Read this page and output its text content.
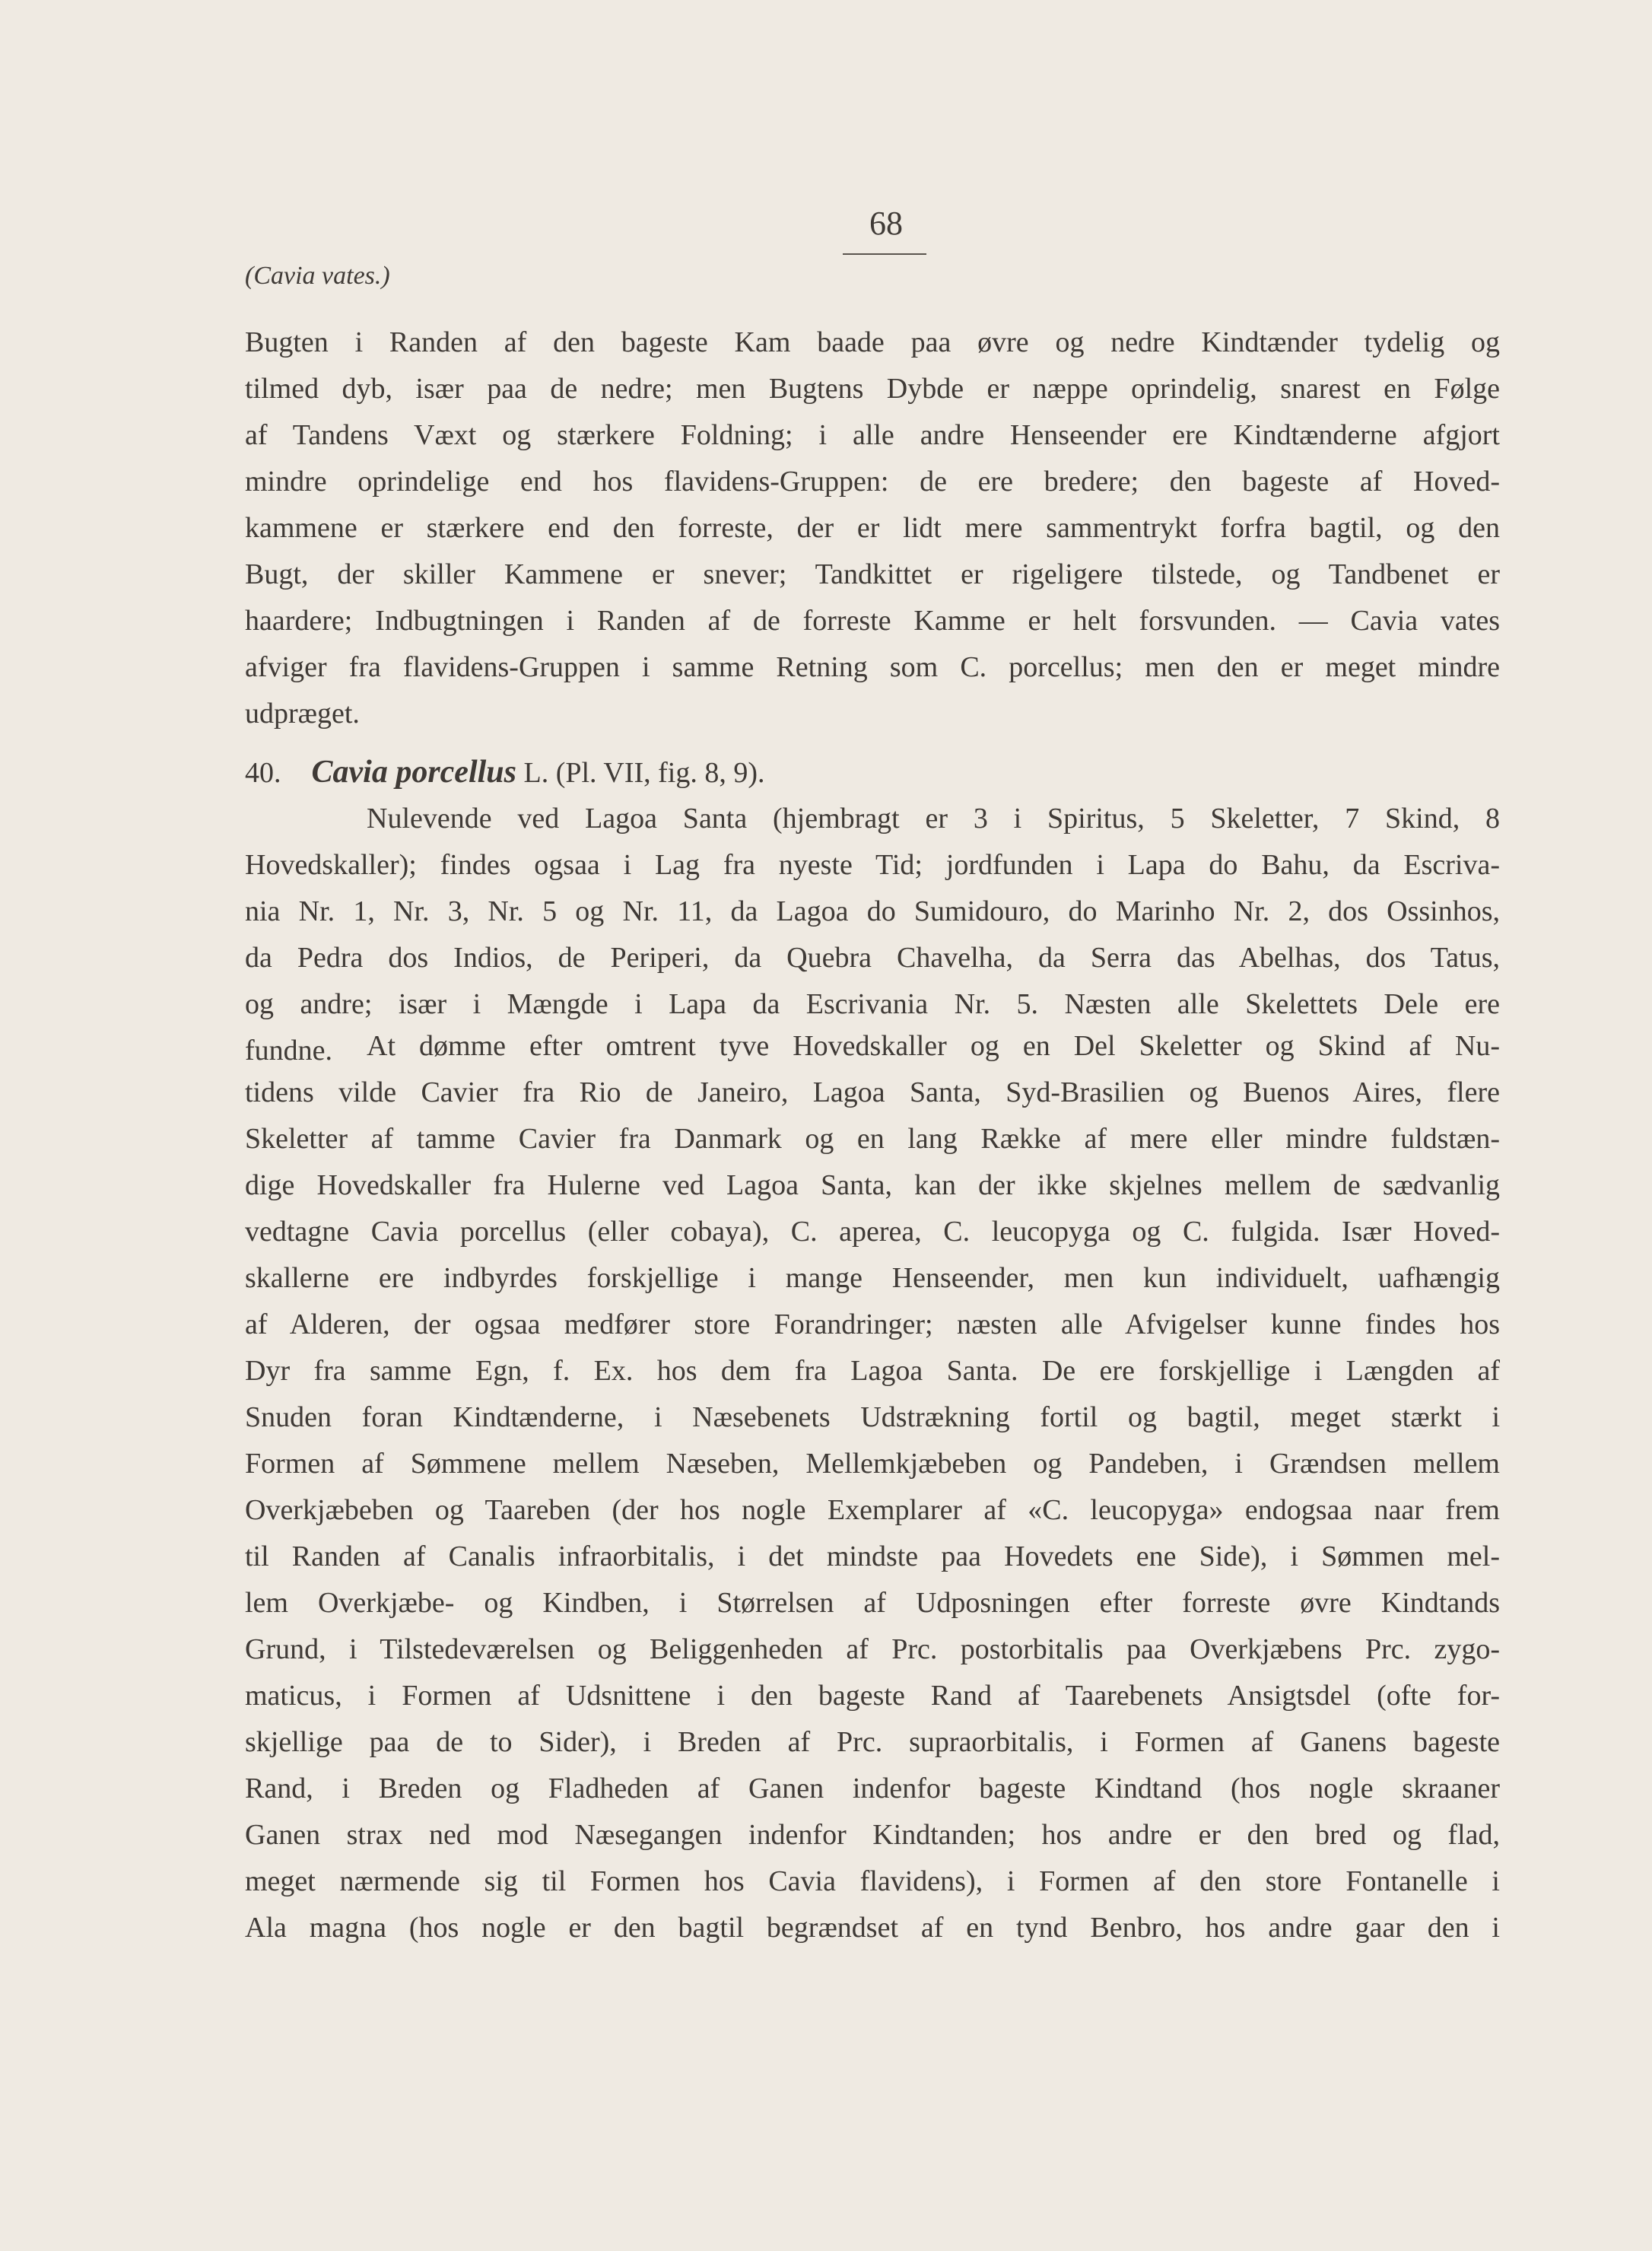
68
(Cavia vates.)
Bugten i Randen af den bageste Kam baade paa øvre og nedre Kindtænder tydelig og
tilmed dyb, især paa de nedre; men Bugtens Dybde er næppe oprindelig, snarest en Følge
af Tandens Væxt og stærkere Foldning; i alle andre Henseender ere Kindtænderne afgjort
mindre oprindelige end hos flavidens-Gruppen: de ere bredere; den bageste af Hoved-
kammene er stærkere end den forreste, der er lidt mere sammentrykt forfra bagtil, og den
Bugt, der skiller Kammene er snever; Tandkittet er rigeligere tilstede, og Tandbenet er
haardere; Indbugtningen i Randen af de forreste Kamme er helt forsvunden. — Cavia vates
afviger fra flavidens-Gruppen i samme Retning som C. porcellus; men den er meget mindre
udpræget.
40. Cavia porcellus L. (Pl. VII, fig. 8, 9).
Nulevende ved Lagoa Santa (hjembragt er 3 i Spiritus, 5 Skeletter, 7 Skind, 8
Hovedskaller); findes ogsaa i Lag fra nyeste Tid; jordfunden i Lapa do Bahu, da Escriva-
nia Nr. 1, Nr. 3, Nr. 5 og Nr. 11, da Lagoa do Sumidouro, do Marinho Nr. 2, dos Ossinhos,
da Pedra dos Indios, de Periperi, da Quebra Chavelha, da Serra das Abelhas, dos Tatus,
og andre; især i Mængde i Lapa da Escrivania Nr. 5. Næsten alle Skelettets Dele ere
fundne.	At dømme efter omtrent tyve Hovedskaller og en Del Skeletter og Skind af Nu-
tidens vilde Cavier fra Rio de Janeiro, Lagoa Santa, Syd-Brasilien og Buenos Aires, flere
Skeletter af tamme Cavier fra Danmark og en lang Række af mere eller mindre fuldstæn-
dige Hovedskaller fra Hulerne ved Lagoa Santa, kan der ikke skjelnes mellem de sædvanlig
vedtagne Cavia porcellus (eller cobaya), C. aperea, C. leucopyga og C. fulgida. Især Hoved-
skallerne ere indbyrdes forskjellige i mange Henseender, men kun individuelt, uafhængig
af Alderen, der ogsaa medfører store Forandringer; næsten alle Afvigelser kunne findes hos
Dyr fra samme Egn, f. Ex. hos dem fra Lagoa Santa. De ere forskjellige i Længden af
Snuden foran Kindtænderne, i Næsebenets Udstrækning fortil og bagtil, meget stærkt i
Formen af Sømmene mellem Næseben, Mellemkjæbeben og Pandeben, i Grændsen mellem
Overkjæbeben og Taareben (der hos nogle Exemplarer af «C. leucopyga» endogsaa naar frem
til Randen af Canalis infraorbitalis, i det mindste paa Hovedets ene Side), i Sømmen mel-
lem Overkjæbe- og Kindben, i Størrelsen af Udposningen efter forreste øvre Kindtands
Grund, i Tilstedeværelsen og Beliggenheden af Prc. postorbitalis paa Overkjæbens Prc. zygo-
maticus, i Formen af Udsnittene i den bageste Rand af Taarebenets Ansigtsdel (ofte for-
skjellige paa de to Sider), i Breden af Prc. supraorbitalis, i Formen af Ganens bageste
Rand, i Breden og Fladheden af Ganen indenfor bageste Kindtand (hos nogle skraaner
Ganen strax ned mod Næsegangen indenfor Kindtanden; hos andre er den bred og flad,
meget nærmende sig til Formen hos Cavia flavidens), i Formen af den store Fontanelle i
Ala magna (hos nogle er den bagtil begrændset af en tynd Benbro, hos andre gaar den i
